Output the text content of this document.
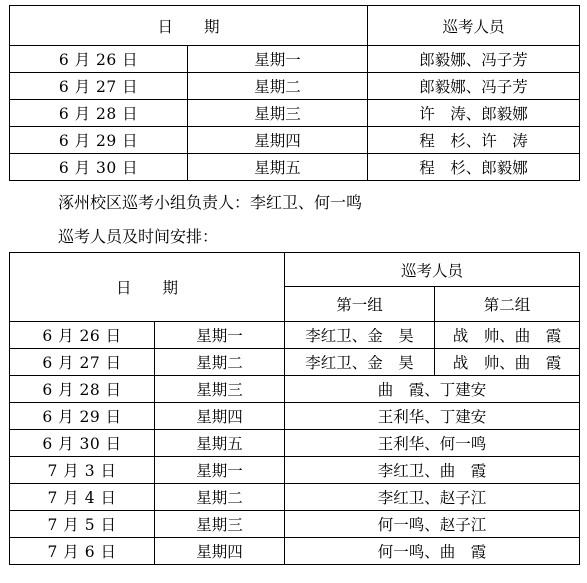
日　　期		巡考人员
6 月 26 日	星期一	郎毅娜、冯子芳
6 月 27 日	星期二	郎毅娜、冯子芳
6 月 28 日	星期三	许　涛、郎毅娜
6 月 29 日	星期四	程　杉、许　涛
6 月 30 日	星期五	程　杉、郎毅娜
涿州校区巡考小组负责人：李红卫、何一鸣
巡考人员及时间安排：
日　　期		巡考人员	
		第一组	第二组
6 月 26 日	星期一	李红卫、金　昊	战　帅、曲　霞
6 月 27 日	星期二	李红卫、金　昊	战　帅、曲　霞
6 月 28 日	星期三	曲　霞、丁建安	
6 月 29 日	星期四	王利华、丁建安	
6 月 30 日	星期五	王利华、何一鸣	
7 月 3 日	星期一	李红卫、曲　霞	
7 月 4 日	星期二	李红卫、赵子江	
7 月 5 日	星期三	何一鸣、赵子江	
7 月 6 日	星期四	何一鸣、曲　霞	
